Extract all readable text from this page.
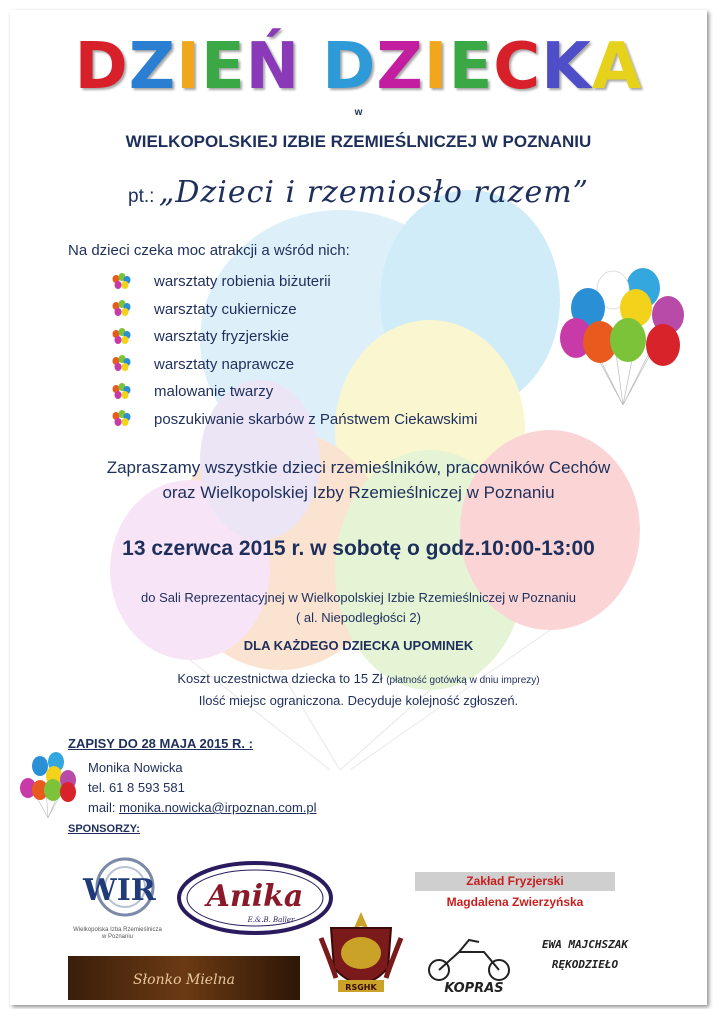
DZIEŃ DZIECKA
w
WIELKOPOLSKIEJ IZBIE RZEMIEŚLNICZEJ W POZNANIU
pt.: „Dzieci i rzemiosło razem”
Na dzieci czeka moc atrakcji a wśród nich:
warsztaty robienia biżuterii
warsztaty cukiernicze
warsztaty fryzjerskie
warsztaty naprawcze
malowanie twarzy
poszukiwanie skarbów z Państwem Ciekawskimi
Zapraszamy wszystkie dzieci rzemieślników, pracowników Cechów
oraz Wielkopolskiej Izby Rzemieślniczej w Poznaniu
13 czerwca 2015 r. w sobotę o godz.10:00-13:00
do Sali Reprezentacyjnej w Wielkopolskiej Izbie Rzemieślniczej w Poznaniu
( al. Niepodległości 2)
DLA KAŻDEGO DZIECKA UPOMINEK
Koszt uczestnictwa dziecka to 15 Zł (płatność gotówką w dniu imprezy)
Ilość miejsc ograniczona. Decyduje kolejność zgłoszeń.
ZAPISY DO 28 MAJA 2015 R. :
Monika Nowicka
tel. 61 8 593 581
mail: monika.nowicka@irpoznan.com.pl
SPONSORZY:
WIR
Wielkopolska Izba Rzemieślnicza
w Poznaniu
Anika
E.&.B. Baller
Zakład Fryzjerski
Magdalena Zwierzyńska
Słonko Mielna	RSGHK	KOPRAS
EWA MAJCHSZAK
RĘKODZIEŁO
